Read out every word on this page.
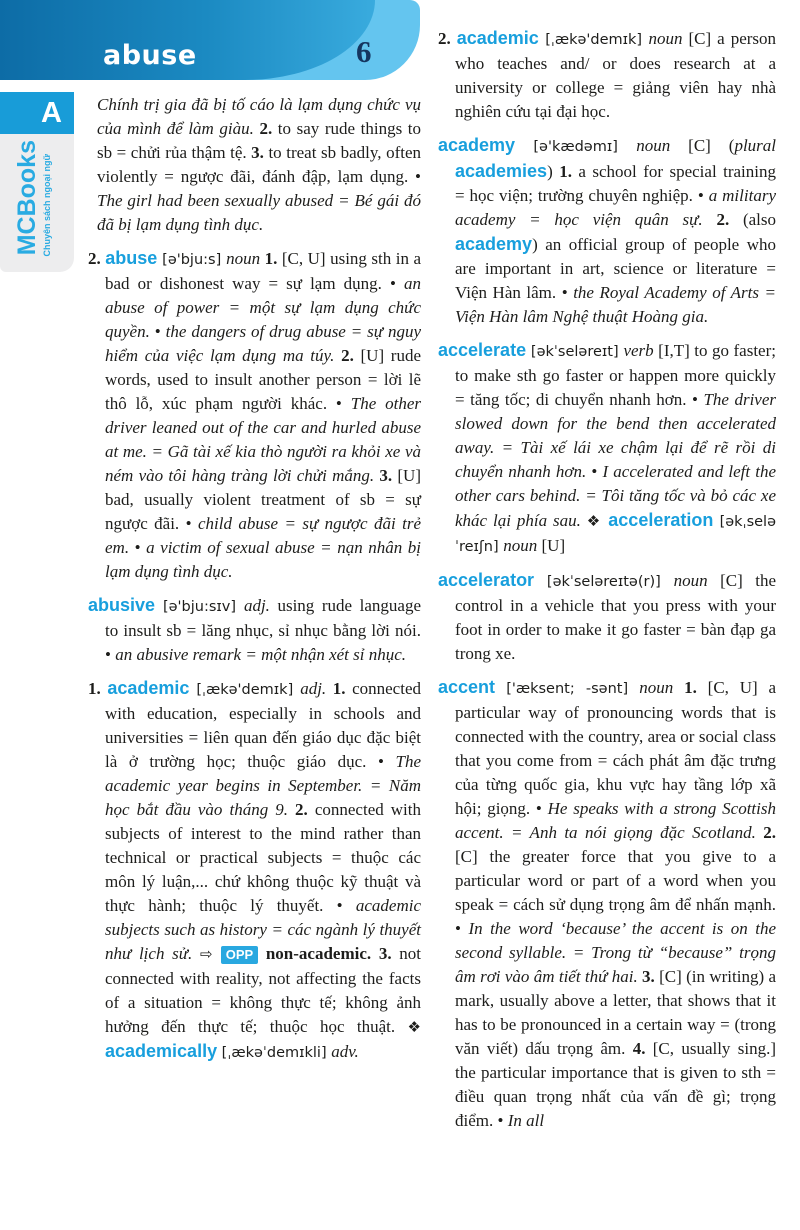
abuse	6
A
MCBooks Chuyên sách ngoại ngữ

Chính trị gia đã bị tố cáo là lạm dụng chức vụ của mình để làm giàu. 2. to say rude things to sb = chửi rủa thậm tệ. 3. to treat sb badly, often violently = ngược đãi, đánh đập, lạm dụng. • The girl had been sexually abused = Bé gái đó đã bị lạm dụng tình dục.

2. abuse [ə'bju:s] noun 1. [C, U] using sth in a bad or dishonest way = sự lạm dụng. • an abuse of power = một sự lạm dụng chức quyền. • the dangers of drug abuse = sự nguy hiểm của việc lạm dụng ma túy. 2. [U] rude words, used to insult another person = lời lẽ thô lỗ, xúc phạm người khác. • The other driver leaned out of the car and hurled abuse at me. = Gã tài xế kia thò người ra khỏi xe và ném vào tôi hàng tràng lời chửi mắng. 3. [U] bad, usually violent treatment of sb = sự ngược đãi. • child abuse = sự ngược đãi trẻ em. • a victim of sexual abuse = nạn nhân bị lạm dụng tình dục.

abusive [ə'bju:sɪv] adj. using rude language to insult sb = lăng nhục, sỉ nhục bằng lời nói. • an abusive remark = một nhận xét sỉ nhục.

1. academic [ˌækə'demɪk] adj. 1. connected with education, especially in schools and universities = liên quan đến giáo dục đặc biệt là ở trường học; thuộc giáo dục. • The academic year begins in September. = Năm học bắt đầu vào tháng 9. 2. connected with subjects of interest to the mind rather than technical or practical subjects = thuộc các môn lý luận,... chứ không thuộc kỹ thuật và thực hành; thuộc lý thuyết. • academic subjects such as history = các ngành lý thuyết như lịch sử. ⇨ OPP non-academic. 3. not connected with reality, not affecting the facts of a situation = không thực tế; không ảnh hưởng đến thực tế; thuộc học thuật. ❖ academically [ˌækəˈdemɪkli] adv.

2. academic [ˌækə'demɪk] noun [C] a person who teaches and/ or does research at a university or college = giảng viên hay nhà nghiên cứu tại đại học.

academy [ə'kædəmɪ] noun [C] (plural academies) 1. a school for special training = học viện; trường chuyên nghiệp. • a military academy = học viện quân sự. 2. (also academy) an official group of people who are important in art, science or literature = Viện Hàn lâm. • the Royal Academy of Arts = Viện Hàn lâm Nghệ thuật Hoàng gia.

accelerate [əkˈseləreɪt] verb [I,T] to go faster; to make sth go faster or happen more quickly = tăng tốc; di chuyển nhanh hơn. • The driver slowed down for the bend then accelerated away. = Tài xế lái xe chậm lại để rẽ rồi di chuyển nhanh hơn. • I accelerated and left the other cars behind. = Tôi tăng tốc và bỏ các xe khác lại phía sau. ❖ acceleration [əkˌseləˈreɪʃn] noun [U]

accelerator [əkˈseləreɪtə(r)] noun [C] the control in a vehicle that you press with your foot in order to make it go faster = bàn đạp ga trong xe.

accent ['æksent; -sənt] noun 1. [C, U] a particular way of pronouncing words that is connected with the country, area or social class that you come from = cách phát âm đặc trưng của từng quốc gia, khu vực hay tầng lớp xã hội; giọng. • He speaks with a strong Scottish accent. = Anh ta nói giọng đặc Scotland. 2. [C] the greater force that you give to a particular word or part of a word when you speak = cách sử dụng trọng âm để nhấn mạnh. • In the word ‘because’ the accent is on the second syllable. = Trong từ “because” trọng âm rơi vào âm tiết thứ hai. 3. [C] (in writing) a mark, usually above a letter, that shows that it has to be pronounced in a certain way = (trong văn viết) dấu trọng âm. 4. [C, usually sing.] the particular importance that is given to sth = điều quan trọng nhất của vấn đề gì; trọng điểm. • In all
